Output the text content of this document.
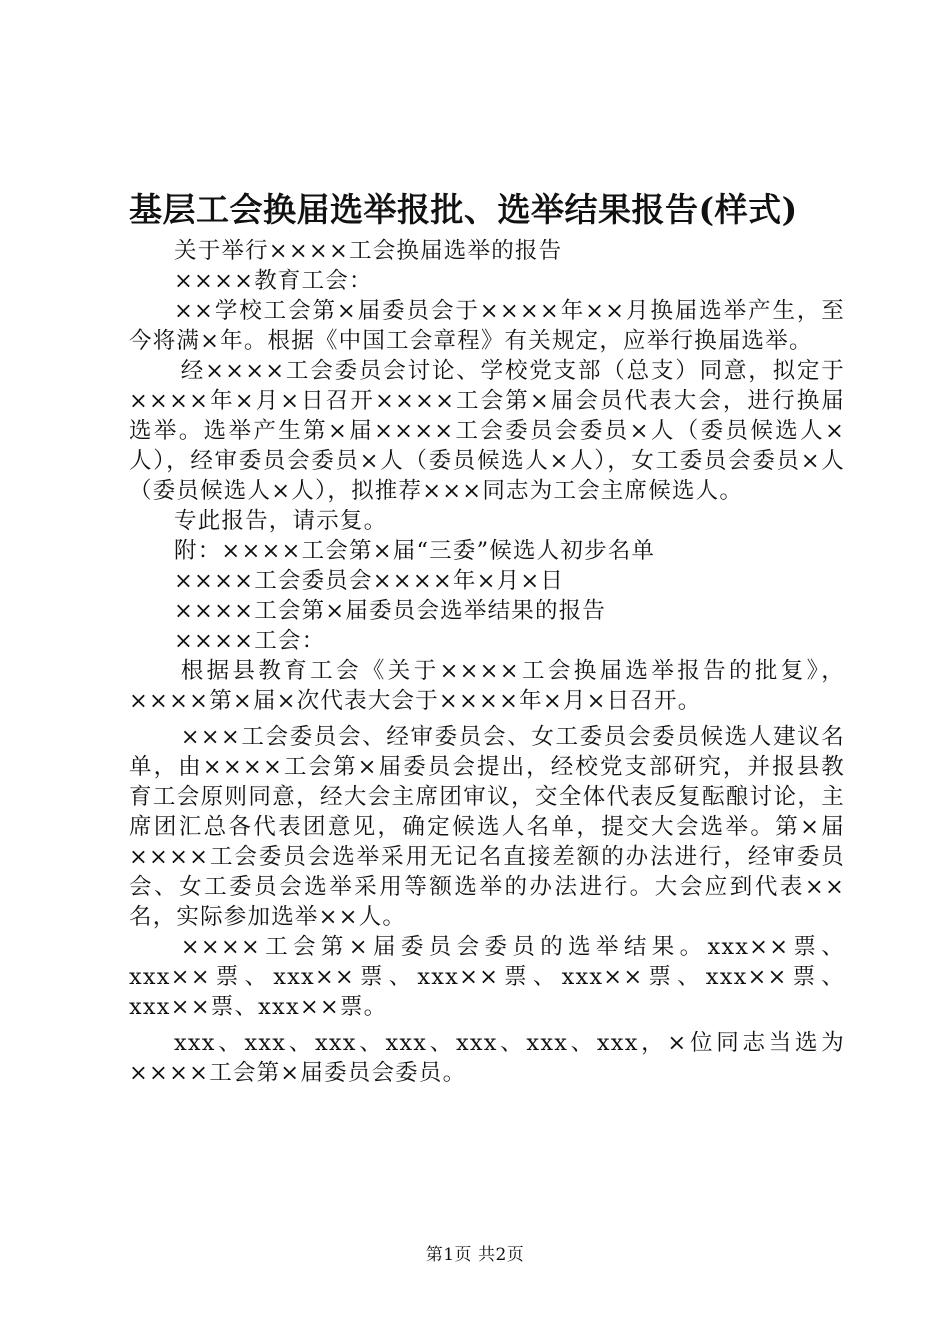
基层工会换届选举报批、选举结果报告(样式)

关于举行××××工会换届选举的报告

××××教育工会：

××学校工会第×届委员会于××××年××月换届选举产生，至今将满×年。根据《中国工会章程》有关规定，应举行换届选举。

经××××工会委员会讨论、学校党支部（总支）同意，拟定于××××年×月×日召开××××工会第×届会员代表大会，进行换届选举。选举产生第×届××××工会委员会委员×人（委员候选人×人），经审委员会委员×人（委员候选人×人），女工委员会委员×人（委员候选人×人），拟推荐×××同志为工会主席候选人。

专此报告，请示复。

附：××××工会第×届“三委”候选人初步名单

××××工会委员会××××年×月×日

××××工会第×届委员会选举结果的报告

××××工会：

根据县教育工会《关于××××工会换届选举报告的批复》，××××第×届×次代表大会于××××年×月×日召开。

×××工会委员会、经审委员会、女工委员会委员候选人建议名单，由××××工会第×届委员会提出，经校党支部研究，并报县教育工会原则同意，经大会主席团审议，交全体代表反复酝酿讨论，主席团汇总各代表团意见，确定候选人名单，提交大会选举。第×届××××工会委员会选举采用无记名直接差额的办法进行，经审委员会、女工委员会选举采用等额选举的办法进行。大会应到代表××名，实际参加选举××人。

××××工会第×届委员会委员的选举结果。xxx××票、xxx××票、xxx××票、xxx××票、xxx××票、xxx××票、xxx××票、xxx××票。

xxx、xxx、xxx、xxx、xxx、xxx、xxx，×位同志当选为××××工会第×届委员会委员。

第1页 共2页
